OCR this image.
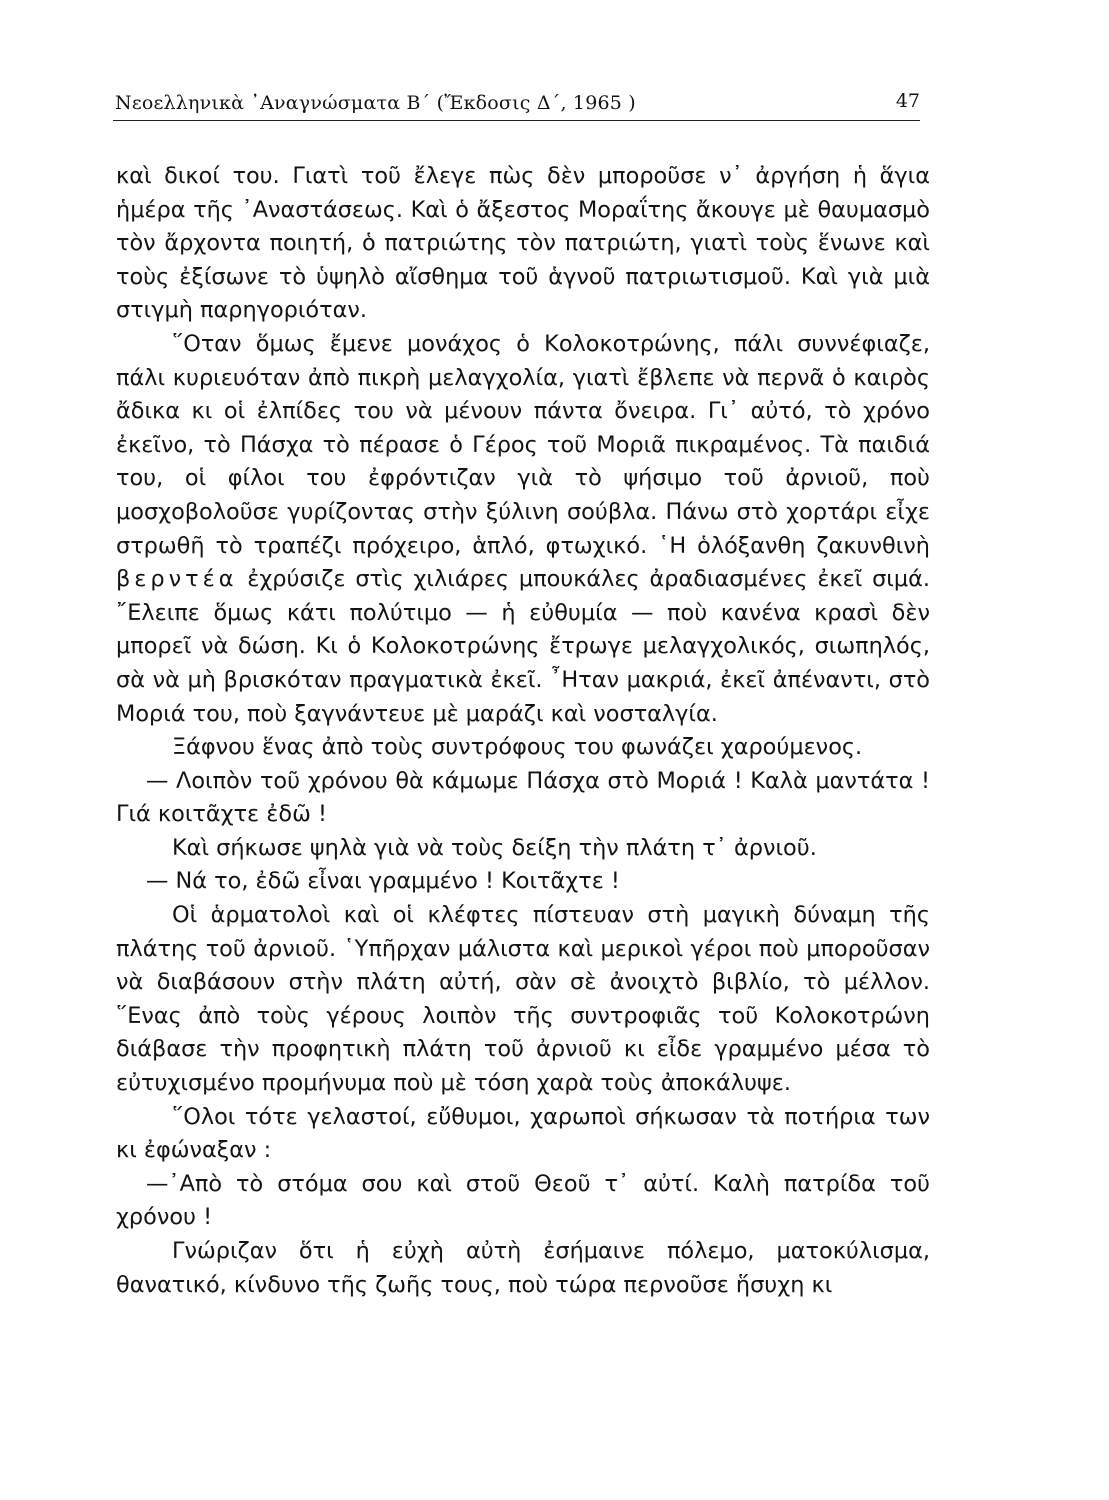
Νεοελληνικὰ ᾿Αναγνώσματα Β΄ (Ἔκδοσις Δ΄, 1965 )	47

καὶ δικοί του. Γιατὶ τοῦ ἔλεγε πὼς δὲν μποροῦσε ν᾿ ἀργήση ἡ ἅγια ἡμέρα τῆς ᾿Αναστάσεως. Καὶ ὁ ἄξεστος Μοραΐτης ἄκουγε μὲ θαυμασμὸ τὸν ἄρχοντα ποιητή, ὁ πατριώτης τὸν πατριώτη, γιατὶ τοὺς ἕνωνε καὶ τοὺς ἐξίσωνε τὸ ὑψηλὸ αἴσθημα τοῦ ἁγνοῦ πατριωτισμοῦ. Καὶ γιὰ μιὰ στιγμὴ παρηγοριόταν.

῞Οταν ὅμως ἔμενε μονάχος ὁ Κολοκοτρώνης, πάλι συννέφιαζε, πάλι κυριευόταν ἀπὸ πικρὴ μελαγχολία, γιατὶ ἔβλεπε νὰ περνᾶ ὁ καιρὸς ἄδικα κι οἱ ἐλπίδες του νὰ μένουν πάντα ὄνειρα. Γι᾿ αὐτό, τὸ χρόνο ἐκεῖνο, τὸ Πάσχα τὸ πέρασε ὁ Γέρος τοῦ Μοριᾶ πικραμένος. Τὰ παιδιά του, οἱ φίλοι του ἐφρόντιζαν γιὰ τὸ ψήσιμο τοῦ ἀρνιοῦ, ποὺ μοσχοβολοῦσε γυρίζοντας στὴν ξύλινη σούβλα. Πάνω στὸ χορτάρι εἶχε στρωθῆ τὸ τραπέζι πρόχειρο, ἁπλό, φτωχικό. ῾Η ὁλόξανθη ζακυνθινὴ βερντέα ἐχρύσιζε στὶς χιλιάρες μπουκάλες ἀραδιασμένες ἐκεῖ σιμά. ῎Ελειπε ὅμως κάτι πολύτιμο — ἡ εὐθυμία — ποὺ κανένα κρασὶ δὲν μπορεῖ νὰ δώση. Κι ὁ Κολοκοτρώνης ἔτρωγε μελαγχολικός, σιωπηλός, σὰ νὰ μὴ βρισκόταν πραγματικὰ ἐκεῖ. ῏Ηταν μακριά, ἐκεῖ ἀπέναντι, στὸ Μοριά του, ποὺ ξαγνάντευε μὲ μαράζι καὶ νοσταλγία.

Ξάφνου ἕνας ἀπὸ τοὺς συντρόφους του φωνάζει χαρούμενος.

— Λοιπὸν τοῦ χρόνου θὰ κάμωμε Πάσχα στὸ Μοριά ! Καλὰ μαντάτα ! Γιά κοιτᾶχτε ἐδῶ !

Καὶ σήκωσε ψηλὰ γιὰ νὰ τοὺς δείξη τὴν πλάτη τ᾿ ἀρνιοῦ.

— Νά το, ἐδῶ εἶναι γραμμένο ! Κοιτᾶχτε !

Οἱ ἁρματολοὶ καὶ οἱ κλέφτες πίστευαν στὴ μαγικὴ δύναμη τῆς πλάτης τοῦ ἀρνιοῦ. ῾Υπῆρχαν μάλιστα καὶ μερικοὶ γέροι ποὺ μποροῦσαν νὰ διαβάσουν στὴν πλάτη αὐτή, σὰν σὲ ἀνοιχτὸ βιβλίο, τὸ μέλλον. ῞Ενας ἀπὸ τοὺς γέρους λοιπὸν τῆς συντροφιᾶς τοῦ Κολοκοτρώνη διάβασε τὴν προφητικὴ πλάτη τοῦ ἀρνιοῦ κι εἶδε γραμμένο μέσα τὸ εὐτυχισμένο προμήνυμα ποὺ μὲ τόση χαρὰ τοὺς ἀποκάλυψε.

῞Ολοι τότε γελαστοί, εὔθυμοι, χαρωποὶ σήκωσαν τὰ ποτήρια των κι ἐφώναξαν :

—᾿Απὸ τὸ στόμα σου καὶ στοῦ Θεοῦ τ᾿ αὐτί. Καλὴ πατρίδα τοῦ χρόνου !

Γνώριζαν ὅτι ἡ εὐχὴ αὐτὴ ἐσήμαινε πόλεμο, ματοκύλισμα, θανατικό, κίνδυνο τῆς ζωῆς τους, ποὺ τώρα περνοῦσε ἥσυχη κι
